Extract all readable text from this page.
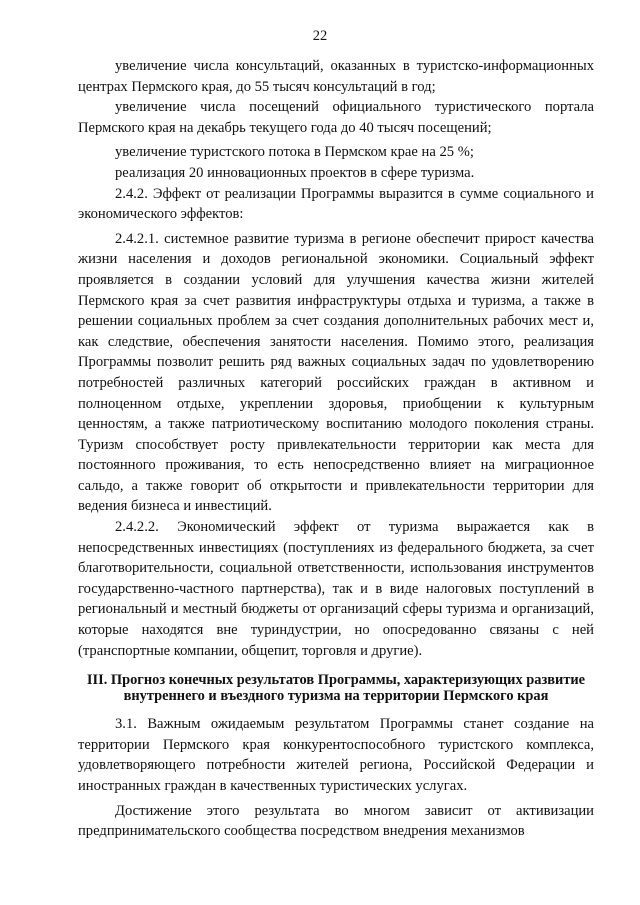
22

увеличение числа консультаций, оказанных в туристско-информационных центрах Пермского края, до 55 тысяч консультаций в год;

увеличение числа посещений официального туристического портала Пермского края на декабрь текущего года до 40 тысяч посещений;

увеличение туристского потока в Пермском крае на 25 %;

реализация 20 инновационных проектов в сфере туризма.

2.4.2. Эффект от реализации Программы выразится в сумме социального и экономического эффектов:

2.4.2.1. системное развитие туризма в регионе обеспечит прирост качества жизни населения и доходов региональной экономики. Социальный эффект проявляется в создании условий для улучшения качества жизни жителей Пермского края за счет развития инфраструктуры отдыха и туризма, а также в решении социальных проблем за счет создания дополнительных рабочих мест и, как следствие, обеспечения занятости населения. Помимо этого, реализация Программы позволит решить ряд важных социальных задач по удовлетворению потребностей различных категорий российских граждан в активном и полноценном отдыхе, укреплении здоровья, приобщении к культурным ценностям, а также патриотическому воспитанию молодого поколения страны. Туризм способствует росту привлекательности территории как места для постоянного проживания, то есть непосредственно влияет на миграционное сальдо, а также говорит об открытости и привлекательности территории для ведения бизнеса и инвестиций.

2.4.2.2. Экономический эффект от туризма выражается как в непосредственных инвестициях (поступлениях из федерального бюджета, за счет благотворительности, социальной ответственности, использования инструментов государственно-частного партнерства), так и в виде налоговых поступлений в региональный и местный бюджеты от организаций сферы туризма и организаций, которые находятся вне туриндустрии, но опосредованно связаны с ней (транспортные компании, общепит, торговля и другие).

III. Прогноз конечных результатов Программы, характеризующих развитие внутреннего и въездного туризма на территории Пермского края

3.1. Важным ожидаемым результатом Программы станет создание на территории Пермского края конкурентоспособного туристского комплекса, удовлетворяющего потребности жителей региона, Российской Федерации и иностранных граждан в качественных туристических услугах.

Достижение этого результата во многом зависит от активизации предпринимательского сообщества посредством внедрения механизмов
